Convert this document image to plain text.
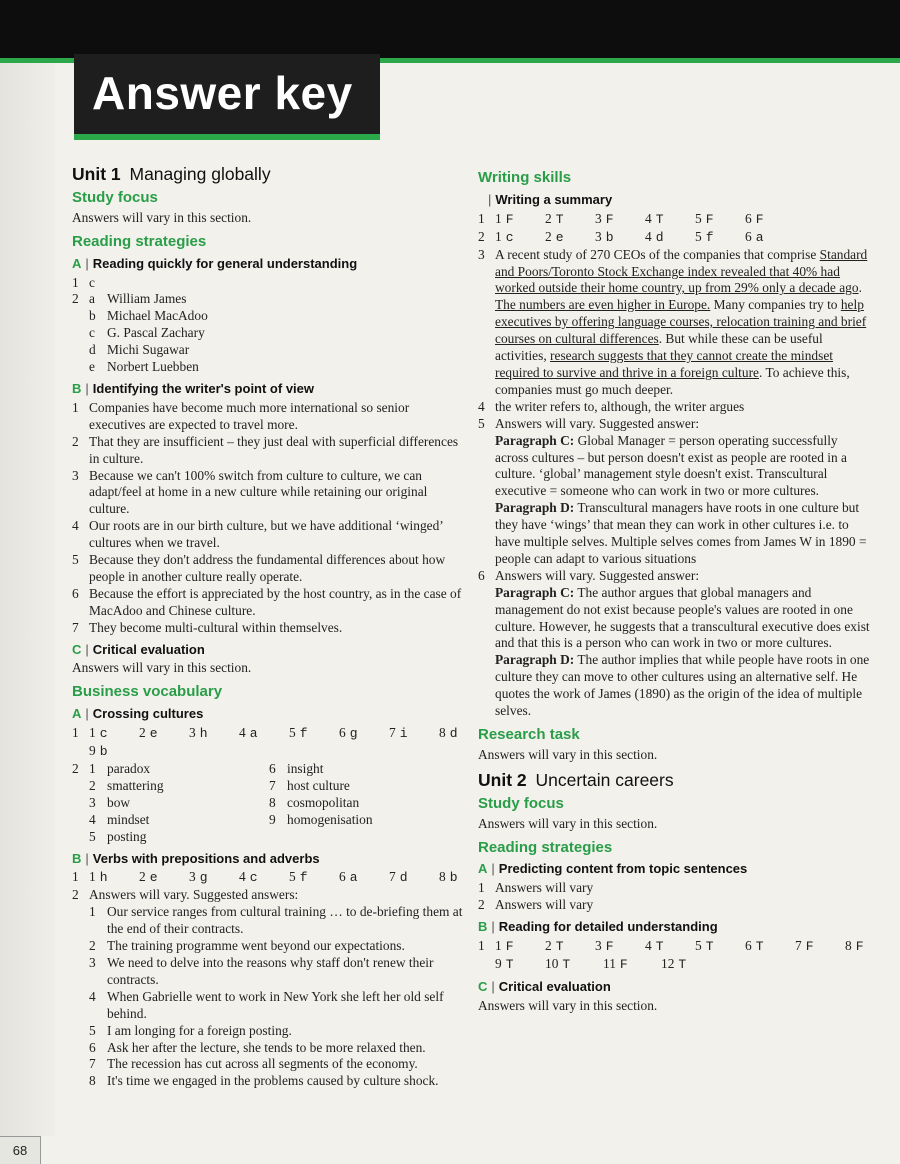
Answer key
Unit 1 Managing globally
Study focus

Answers will vary in this section.

Reading strategies
A | Reading quickly for general understanding
1 c
2 a William James
b Michael MacAdoo
c G. Pascal Zachary
d Michi Sugawar
e Norbert Luebben
B | Identifying the writer's point of view
1 Companies have become much more international so senior executives are expected to travel more.
2 That they are insufficient – they just deal with superficial differences in culture.
3 Because we can't 100% switch from culture to culture, we can adapt/feel at home in a new culture while retaining our original culture.
4 Our roots are in our birth culture, but we have additional ‘winged’ cultures when we travel.
5 Because they don't address the fundamental differences about how people in another culture really operate.
6 Because the effort is appreciated by the host country, as in the case of MacAdoo and Chinese culture.
7 They become multi-cultural within themselves.
C | Critical evaluation

Answers will vary in this section.

Business vocabulary
A | Crossing cultures
1 1 c	2 e	3 h	4 a	5 f	6 g	7 i	8 d
9 b
2 1 paradox
2 smattering
3 bow
4 mindset
5 posting
6 insight
7 host culture
8 cosmopolitan
9 homogenisation
B | Verbs with prepositions and adverbs
1 1 h	2 e	3 g	4 c	5 f	6 a	7 d	8 b
2 Answers will vary. Suggested answers:
1 Our service ranges from cultural training … to de-briefing them at the end of their contracts.
2 The training programme went beyond our expectations.
3 We need to delve into the reasons why staff don't renew their contracts.
4 When Gabrielle went to work in New York she left her old self behind.
5 I am longing for a foreign posting.
6 Ask her after the lecture, she tends to be more relaxed then.
7 The recession has cut across all segments of the economy.
8 It's time we engaged in the problems caused by culture shock.
Writing skills
| Writing a summary
1 1 F	2 T	3 F	4 T	5 F	6 F
2 1 c	2 e	3 b	4 d	5 f	6 a
3 A recent study of 270 CEOs of the companies that comprise Standard and Poors/Toronto Stock Exchange index revealed that 40% had worked outside their home country, up from 29% only a decade ago. The numbers are even higher in Europe. Many companies try to help executives by offering language courses, relocation training and brief courses on cultural differences. But while these can be useful activities, research suggests that they cannot create the mindset required to survive and thrive in a foreign culture. To achieve this, companies must go much deeper.
4 the writer refers to, although, the writer argues
5 Answers will vary. Suggested answer:
Paragraph C: Global Manager = person operating successfully across cultures – but person doesn't exist as people are rooted in a culture. ‘global’ management style doesn't exist. Transcultural executive = someone who can work in two or more cultures.
Paragraph D: Transcultural managers have roots in one culture but they have ‘wings’ that mean they can work in other cultures i.e. to have multiple selves. Multiple selves comes from James W in 1890 = people can adapt to various situations
6 Answers will vary. Suggested answer:
Paragraph C: The author argues that global managers and management do not exist because people's values are rooted in one culture. However, he suggests that a transcultural executive does exist and that this is a person who can work in two or more cultures.
Paragraph D: The author implies that while people have roots in one culture they can move to other cultures using an alternative self. He quotes the work of James (1890) as the origin of the idea of multiple selves.
Research task

Answers will vary in this section.

Unit 2 Uncertain careers
Study focus

Answers will vary in this section.

Reading strategies
A | Predicting content from topic sentences
1 Answers will vary
2 Answers will vary
B | Reading for detailed understanding
1 1 F	2 T	3 F	4 T	5 T	6 T	7 F	8 F
9 T	10 T	11 F	12 T
C | Critical evaluation

Answers will vary in this section.

68
